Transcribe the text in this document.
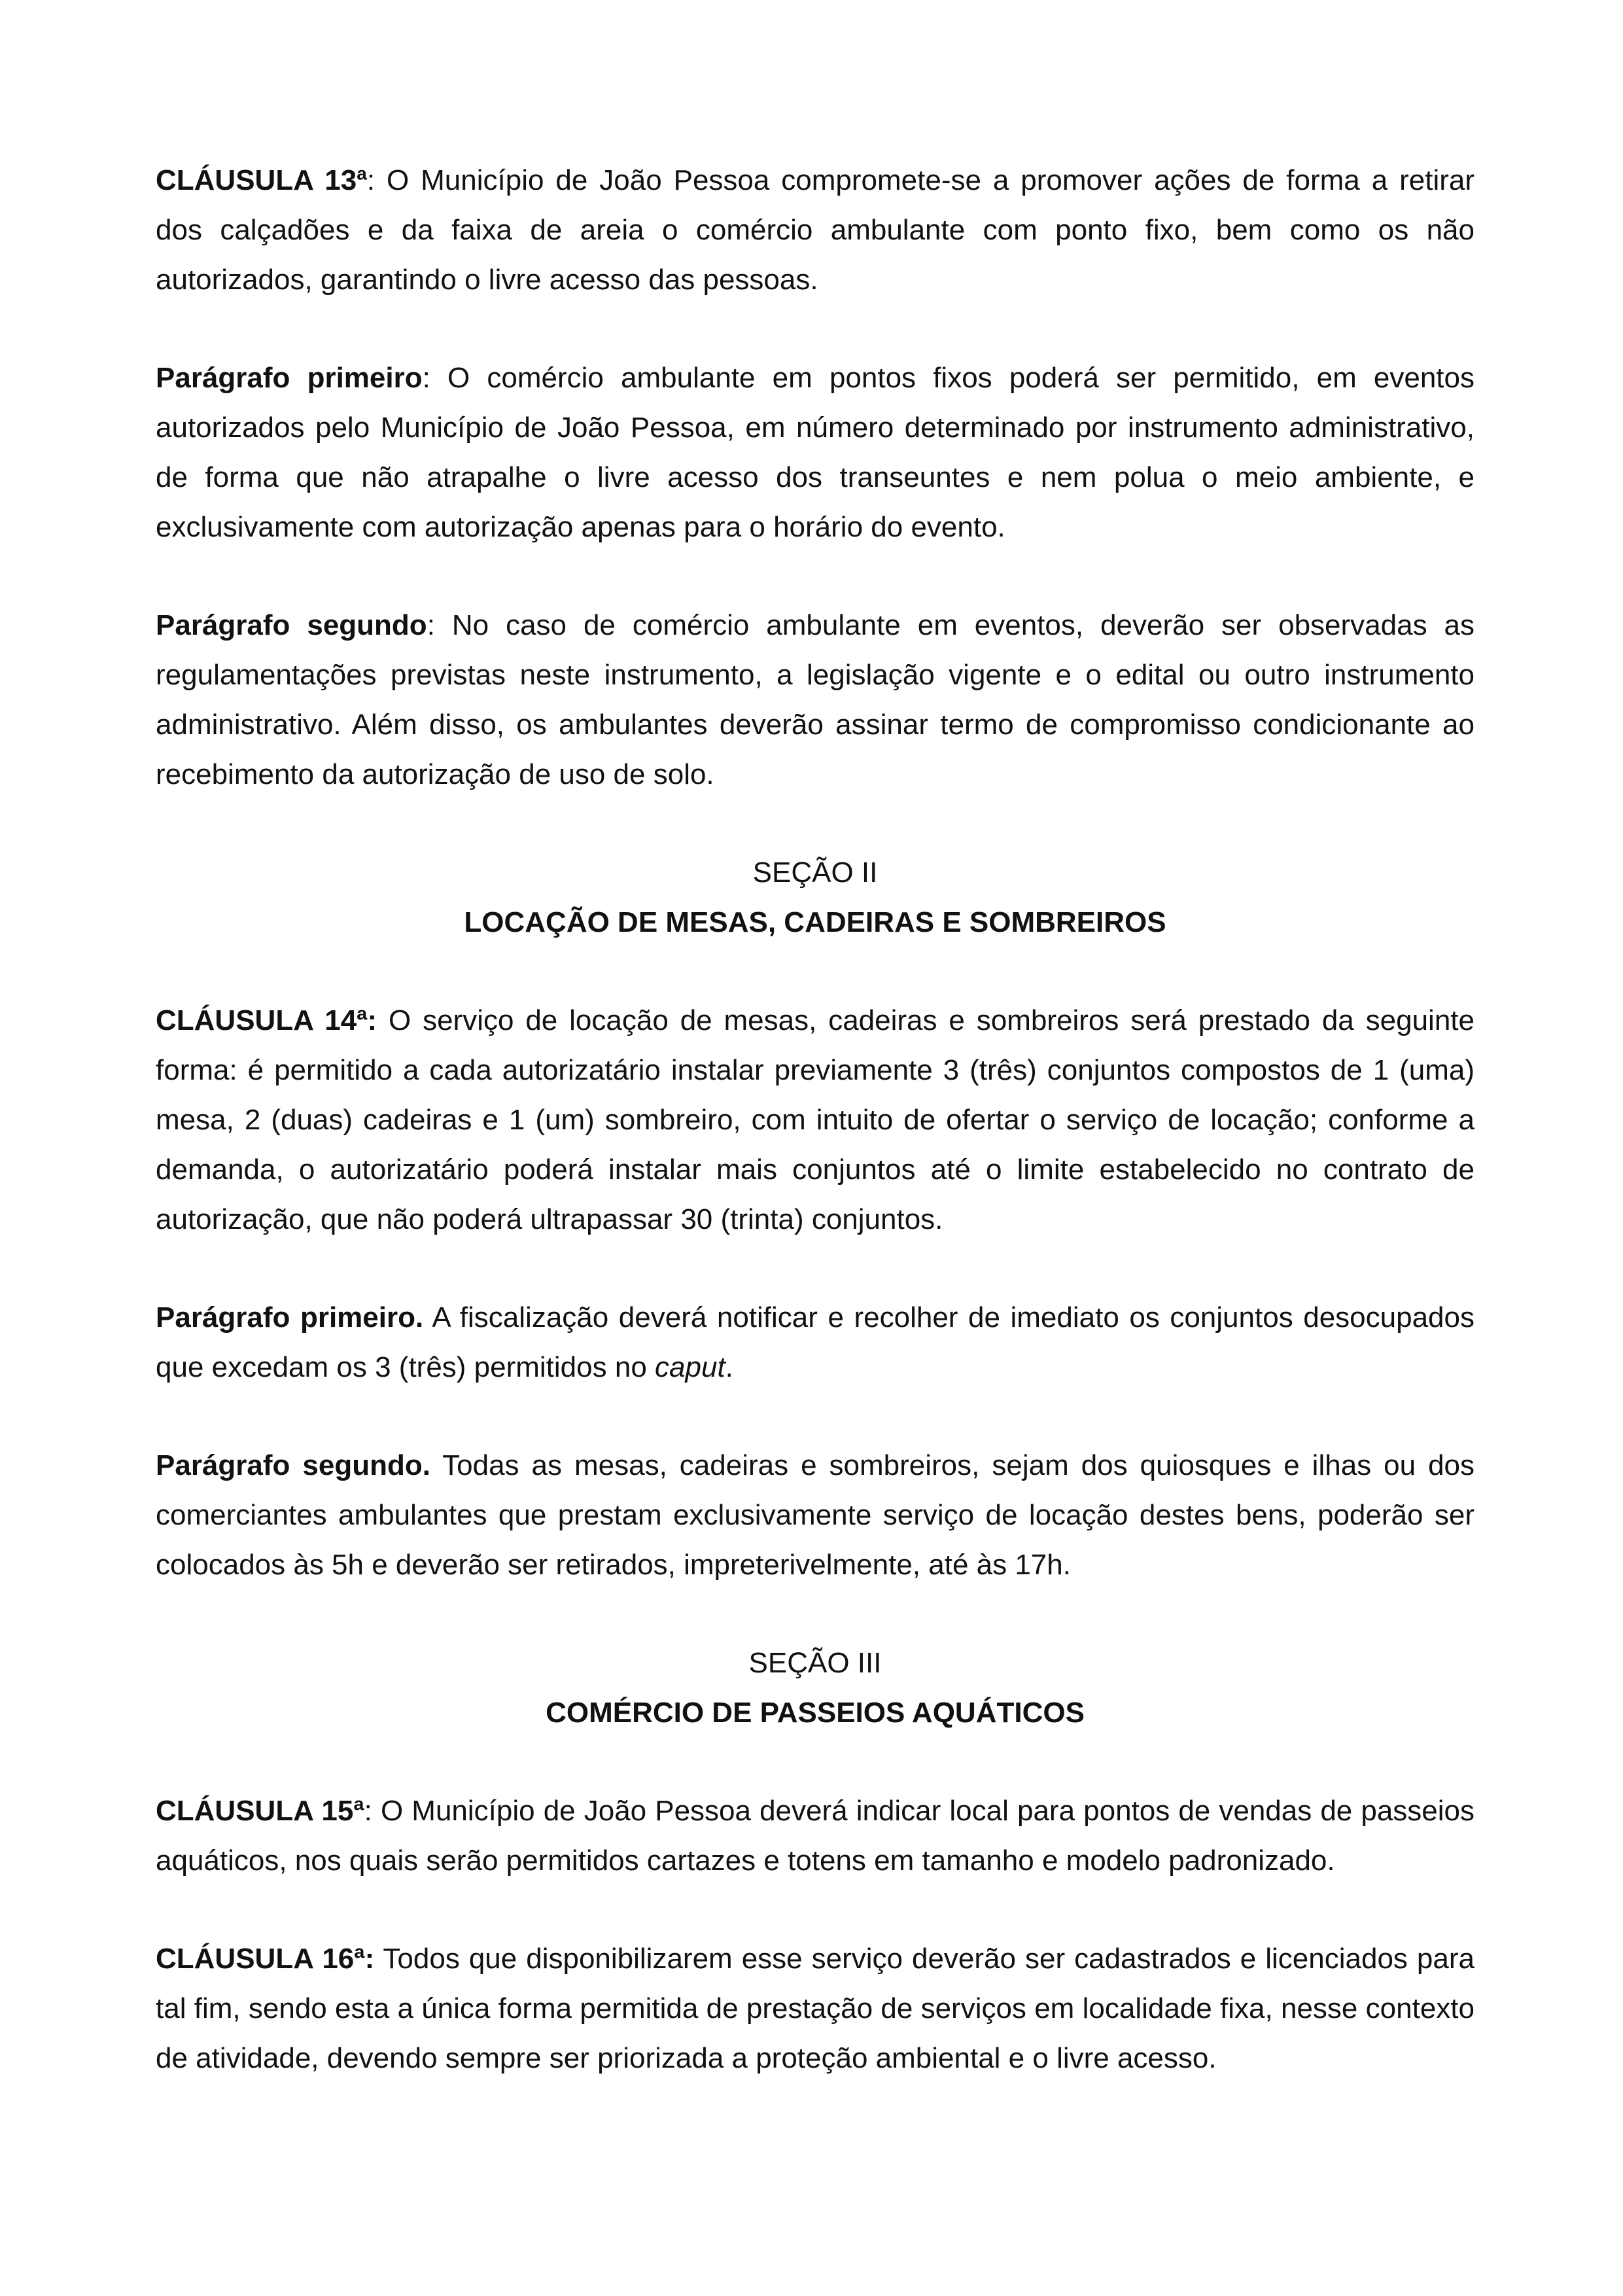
CLÁUSULA 13$^a$: O Município de João Pessoa compromete-se a promover ações de forma a retirar dos calçadões e da faixa de areia o comércio ambulante com ponto fixo, bem como os não autorizados, garantindo o livre acesso das pessoas.

Parágrafo primeiro: O comércio ambulante em pontos fixos poderá ser permitido, em eventos autorizados pelo Município de João Pessoa, em número determinado por instrumento administrativo, de forma que não atrapalhe o livre acesso dos transeuntes e nem polua o meio ambiente, e exclusivamente com autorização apenas para o horário do evento.

Parágrafo segundo: No caso de comércio ambulante em eventos, deverão ser observadas as regulamentações previstas neste instrumento, a legislação vigente e o edital ou outro instrumento administrativo. Além disso, os ambulantes deverão assinar termo de compromisso condicionante ao recebimento da autorização de uso de solo.

SEÇÃO II

LOCAÇÃO DE MESAS, CADEIRAS E SOMBREIROS

CLÁUSULA 14ª: O serviço de locação de mesas, cadeiras e sombreiros será prestado da seguinte forma: é permitido a cada autorizatário instalar previamente 3 (três) conjuntos compostos de 1 (uma) mesa, 2 (duas) cadeiras e 1 (um) sombreiro, com intuito de ofertar o serviço de locação; conforme a demanda, o autorizatário poderá instalar mais conjuntos até o limite estabelecido no contrato de autorização, que não poderá ultrapassar 30 (trinta) conjuntos.

Parágrafo primeiro. A fiscalização deverá notificar e recolher de imediato os conjuntos desocupados que excedam os 3 (três) permitidos no caput.

Parágrafo segundo. Todas as mesas, cadeiras e sombreiros, sejam dos quiosques e ilhas ou dos comerciantes ambulantes que prestam exclusivamente serviço de locação destes bens, poderão ser colocados às 5h e deverão ser retirados, impreterivelmente, até às 17h.

SEÇÃO III

COMÉRCIO DE PASSEIOS AQUÁTICOS

CLÁUSULA 15ª: O Município de João Pessoa deverá indicar local para pontos de vendas de passeios aquáticos, nos quais serão permitidos cartazes e totens em tamanho e modelo padronizado.

CLÁUSULA 16ª: Todos que disponibilizarem esse serviço deverão ser cadastrados e licenciados para tal fim, sendo esta a única forma permitida de prestação de serviços em localidade fixa, nesse contexto de atividade, devendo sempre ser priorizada a proteção ambiental e o livre acesso.
